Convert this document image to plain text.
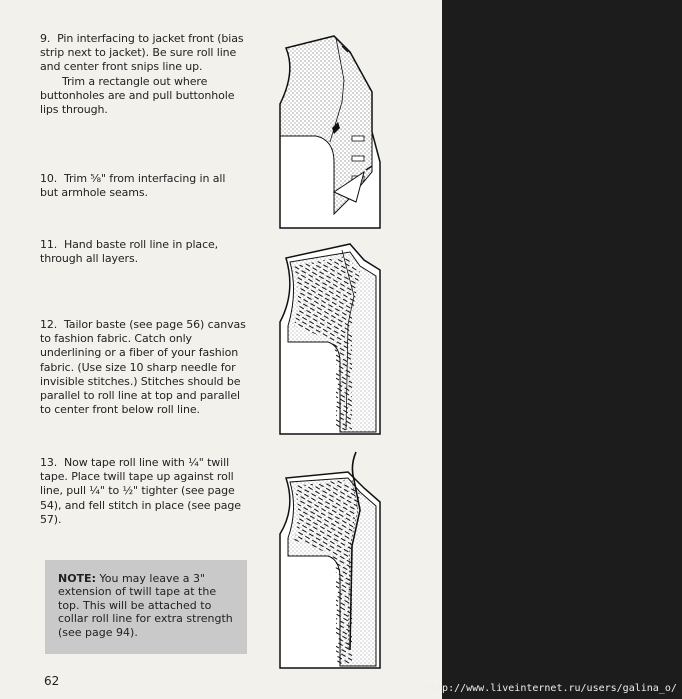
9. Pin interfacing to jacket front (bias strip next to jacket). Be sure roll line and center front snips line up.

Trim a rectangle out where buttonholes are and pull buttonhole lips through.

10. Trim ⅝" from interfacing in all but armhole seams.

11. Hand baste roll line in place, through all layers.

12. Tailor baste (see page 56) canvas to fashion fabric. Catch only underlining or a fiber of your fashion fabric. (Use size 10 sharp needle for invisible stitches.) Stitches should be parallel to roll line at top and parallel to center front below roll line.

13. Now tape roll line with ¼" twill tape. Place twill tape up against roll line, pull ¼" to ½" tighter (see page 54), and fell stitch in place (see page 57).

NOTE: You may leave a 3" extension of twill tape at the top. This will be attached to collar roll line for extra strength (see page 94).
62
http://www.liveinternet.ru/users/galina_o/
